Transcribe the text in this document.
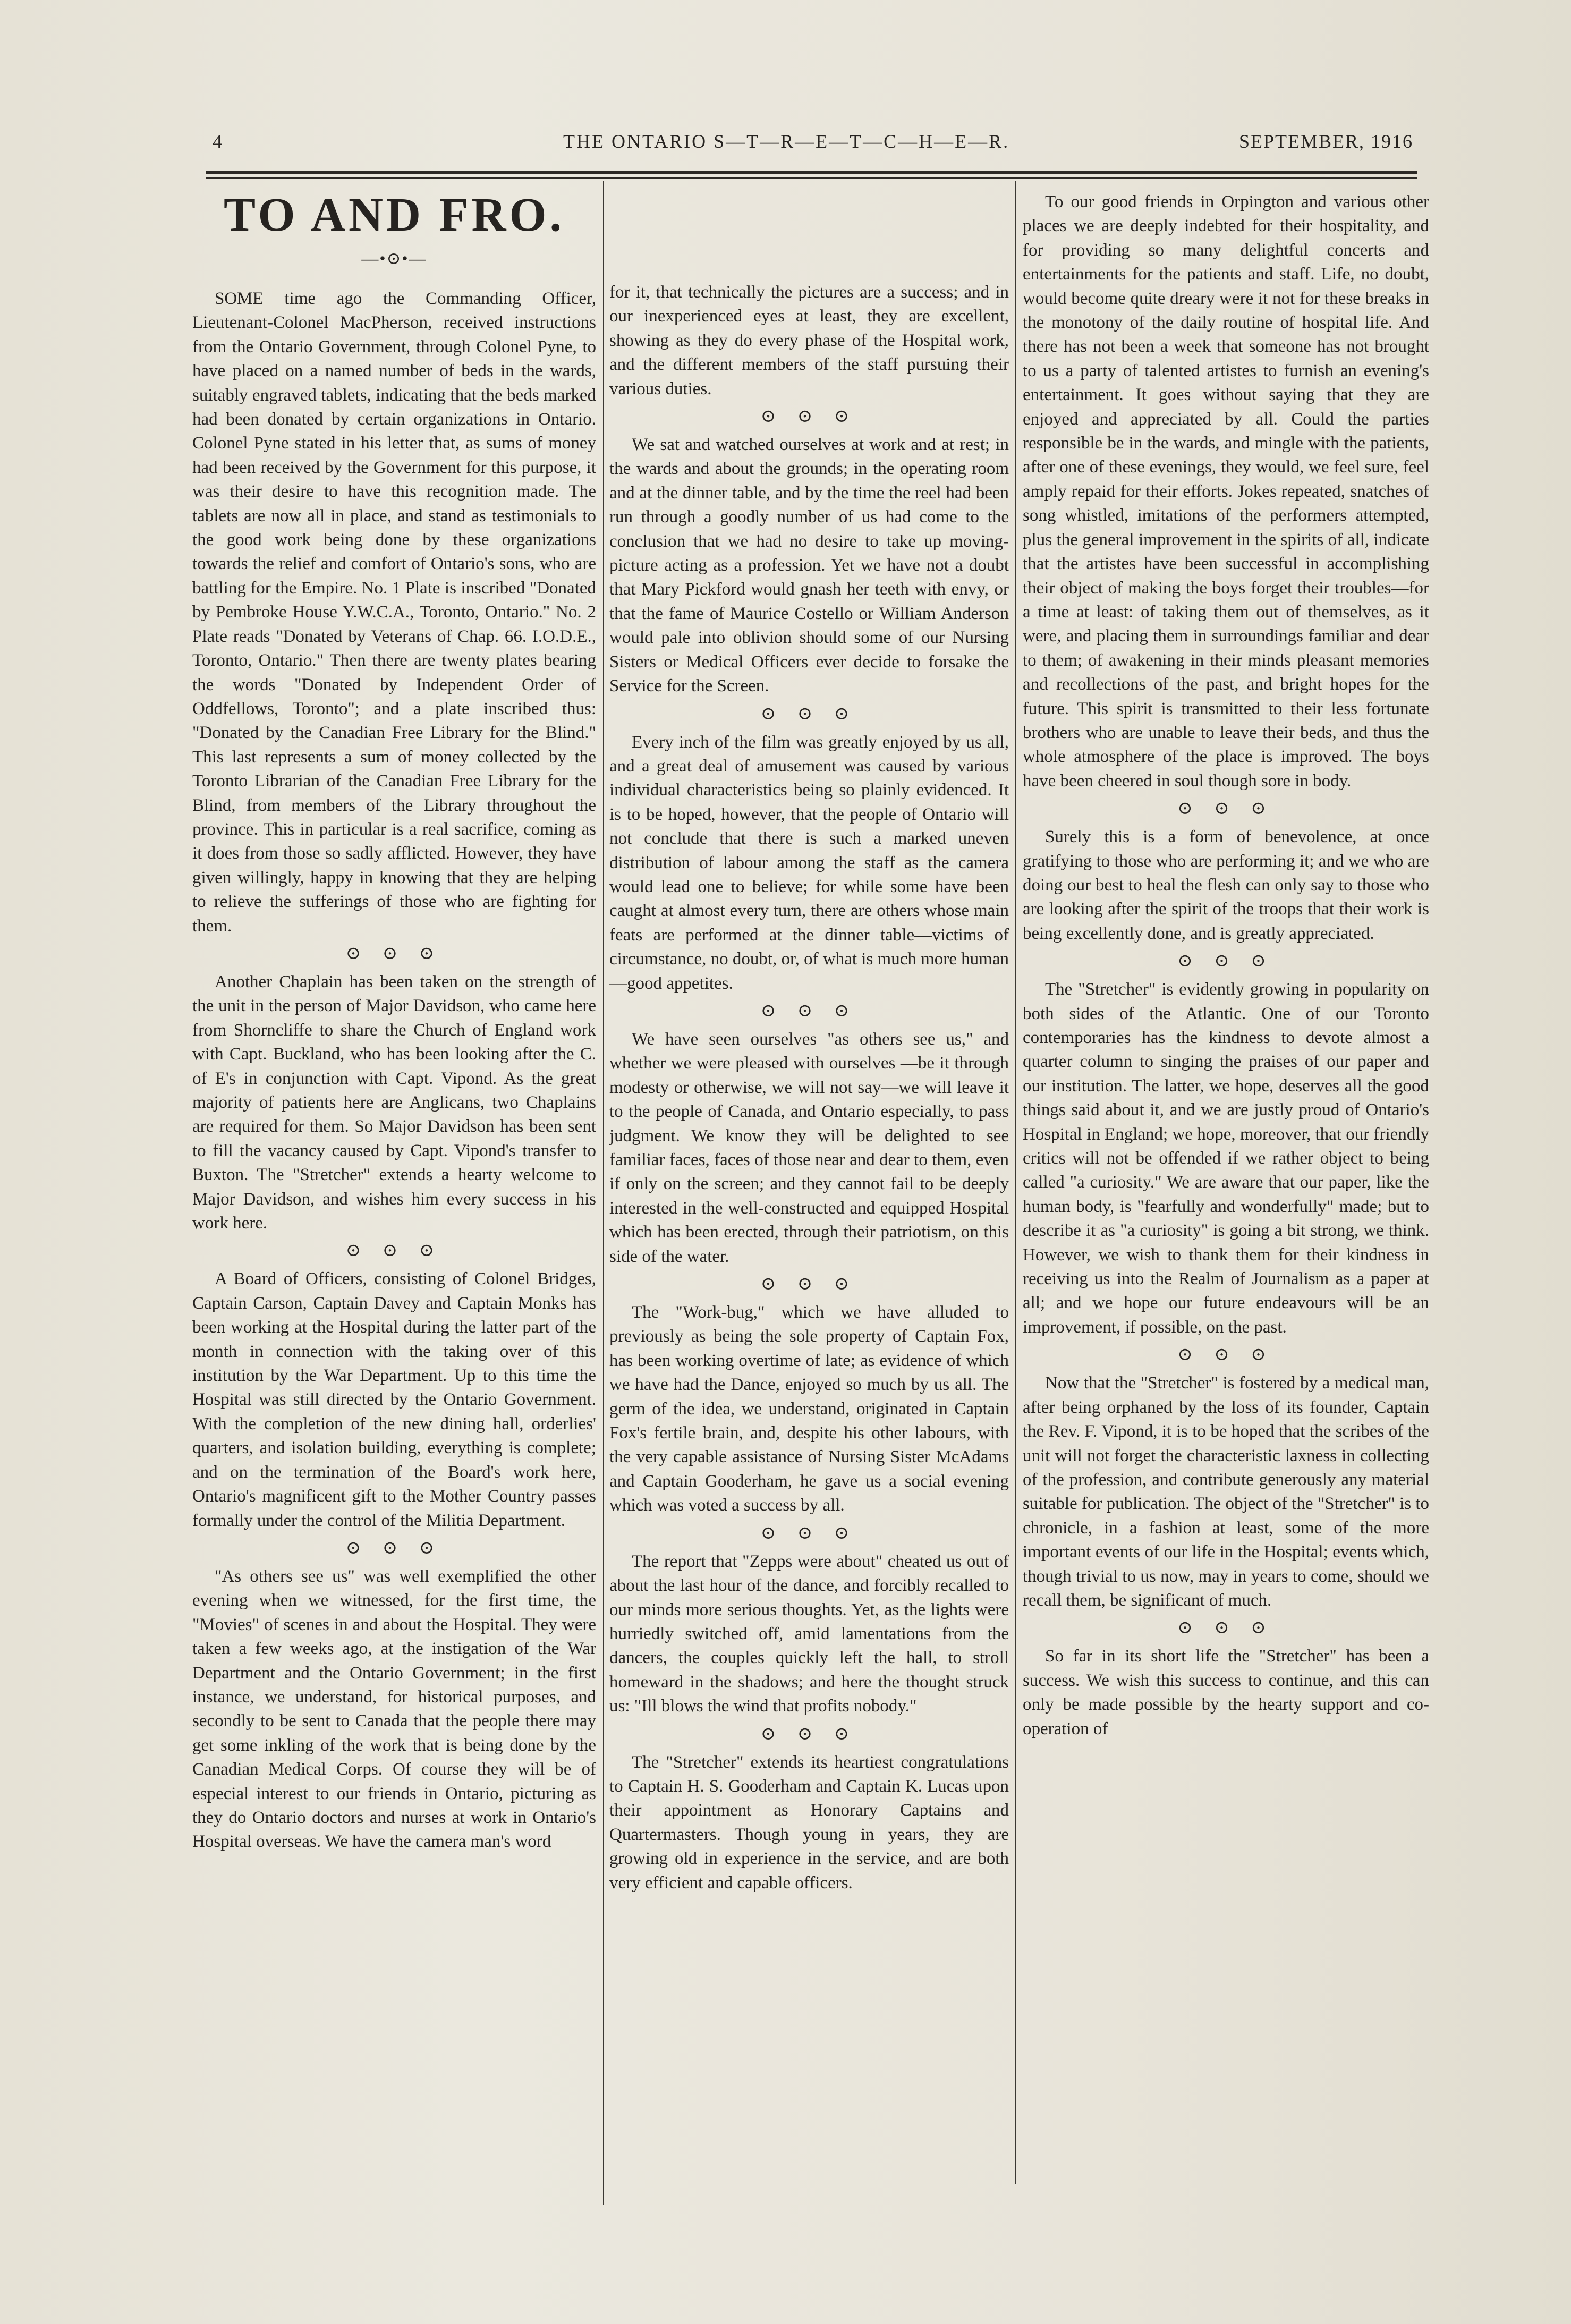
4	THE ONTARIO S—T—R—E—T—C—H—E—R.	SEPTEMBER, 1916
TO AND FRO.
—•⊙•—

SOME time ago the Commanding Officer, Lieutenant-Colonel MacPherson, received instructions from the Ontario Government, through Colonel Pyne, to have placed on a named number of beds in the wards, suitably engraved tablets, indicating that the beds marked had been donated by certain organizations in Ontario. Colonel Pyne stated in his letter that, as sums of money had been received by the Government for this purpose, it was their desire to have this recognition made. The tablets are now all in place, and stand as testimonials to the good work being done by these organizations towards the relief and comfort of Ontario's sons, who are battling for the Empire. No. 1 Plate is inscribed "Donated by Pembroke House Y.W.C.A., Toronto, Ontario." No. 2 Plate reads "Donated by Veterans of Chap. 66. I.O.D.E., Toronto, Ontario." Then there are twenty plates bearing the words "Donated by Independent Order of Oddfellows, Toronto"; and a plate inscribed thus: "Donated by the Canadian Free Library for the Blind." This last represents a sum of money collected by the Toronto Librarian of the Canadian Free Library for the Blind, from members of the Library throughout the province. This in particular is a real sacrifice, coming as it does from those so sadly afflicted. However, they have given willingly, happy in knowing that they are helping to relieve the sufferings of those who are fighting for them.

⊙ ⊙ ⊙

Another Chaplain has been taken on the strength of the unit in the person of Major Davidson, who came here from Shorncliffe to share the Church of England work with Capt. Buckland, who has been looking after the C. of E's in conjunction with Capt. Vipond. As the great majority of patients here are Anglicans, two Chaplains are required for them. So Major Davidson has been sent to fill the vacancy caused by Capt. Vipond's transfer to Buxton. The "Stretcher" extends a hearty welcome to Major Davidson, and wishes him every success in his work here.

⊙ ⊙ ⊙

A Board of Officers, consisting of Colonel Bridges, Captain Carson, Captain Davey and Captain Monks has been working at the Hospital during the latter part of the month in connection with the taking over of this institution by the War Department. Up to this time the Hospital was still directed by the Ontario Government. With the completion of the new dining hall, orderlies' quarters, and isolation building, everything is complete; and on the termination of the Board's work here, Ontario's magnificent gift to the Mother Country passes formally under the control of the Militia Department.

⊙ ⊙ ⊙

"As others see us" was well exemplified the other evening when we witnessed, for the first time, the "Movies" of scenes in and about the Hospital. They were taken a few weeks ago, at the instigation of the War Department and the Ontario Government; in the first instance, we understand, for historical purposes, and secondly to be sent to Canada that the people there may get some inkling of the work that is being done by the Canadian Medical Corps. Of course they will be of especial interest to our friends in Ontario, picturing as they do Ontario doctors and nurses at work in Ontario's Hospital overseas. We have the camera man's word

for it, that technically the pictures are a success; and in our inexperienced eyes at least, they are excellent, showing as they do every phase of the Hospital work, and the different members of the staff pursuing their various duties.

⊙ ⊙ ⊙

We sat and watched ourselves at work and at rest; in the wards and about the grounds; in the operating room and at the dinner table, and by the time the reel had been run through a goodly number of us had come to the conclusion that we had no desire to take up moving-picture acting as a profession. Yet we have not a doubt that Mary Pickford would gnash her teeth with envy, or that the fame of Maurice Costello or William Anderson would pale into oblivion should some of our Nursing Sisters or Medical Officers ever decide to forsake the Service for the Screen.

⊙ ⊙ ⊙

Every inch of the film was greatly enjoyed by us all, and a great deal of amusement was caused by various individual characteristics being so plainly evidenced. It is to be hoped, however, that the people of Ontario will not conclude that there is such a marked uneven distribution of labour among the staff as the camera would lead one to believe; for while some have been caught at almost every turn, there are others whose main feats are performed at the dinner table—victims of circumstance, no doubt, or, of what is much more human—good appetites.

⊙ ⊙ ⊙

We have seen ourselves "as others see us," and whether we were pleased with ourselves —be it through modesty or otherwise, we will not say—we will leave it to the people of Canada, and Ontario especially, to pass judgment. We know they will be delighted to see familiar faces, faces of those near and dear to them, even if only on the screen; and they cannot fail to be deeply interested in the well-constructed and equipped Hospital which has been erected, through their patriotism, on this side of the water.

⊙ ⊙ ⊙

The "Work-bug," which we have alluded to previously as being the sole property of Captain Fox, has been working overtime of late; as evidence of which we have had the Dance, enjoyed so much by us all. The germ of the idea, we understand, originated in Captain Fox's fertile brain, and, despite his other labours, with the very capable assistance of Nursing Sister McAdams and Captain Gooderham, he gave us a social evening which was voted a success by all.

⊙ ⊙ ⊙

The report that "Zepps were about" cheated us out of about the last hour of the dance, and forcibly recalled to our minds more serious thoughts. Yet, as the lights were hurriedly switched off, amid lamentations from the dancers, the couples quickly left the hall, to stroll homeward in the shadows; and here the thought struck us: "Ill blows the wind that profits nobody."

⊙ ⊙ ⊙

The "Stretcher" extends its heartiest congratulations to Captain H. S. Gooderham and Captain K. Lucas upon their appointment as Honorary Captains and Quartermasters. Though young in years, they are growing old in experience in the service, and are both very efficient and capable officers.

To our good friends in Orpington and various other places we are deeply indebted for their hospitality, and for providing so many delightful concerts and entertainments for the patients and staff. Life, no doubt, would become quite dreary were it not for these breaks in the monotony of the daily routine of hospital life. And there has not been a week that someone has not brought to us a party of talented artistes to furnish an evening's entertainment. It goes without saying that they are enjoyed and appreciated by all. Could the parties responsible be in the wards, and mingle with the patients, after one of these evenings, they would, we feel sure, feel amply repaid for their efforts. Jokes repeated, snatches of song whistled, imitations of the performers attempted, plus the general improvement in the spirits of all, indicate that the artistes have been successful in accomplishing their object of making the boys forget their troubles—for a time at least: of taking them out of themselves, as it were, and placing them in surroundings familiar and dear to them; of awakening in their minds pleasant memories and recollections of the past, and bright hopes for the future. This spirit is transmitted to their less fortunate brothers who are unable to leave their beds, and thus the whole atmosphere of the place is improved. The boys have been cheered in soul though sore in body.

⊙ ⊙ ⊙

Surely this is a form of benevolence, at once gratifying to those who are performing it; and we who are doing our best to heal the flesh can only say to those who are looking after the spirit of the troops that their work is being excellently done, and is greatly appreciated.

⊙ ⊙ ⊙

The "Stretcher" is evidently growing in popularity on both sides of the Atlantic. One of our Toronto contemporaries has the kindness to devote almost a quarter column to singing the praises of our paper and our institution. The latter, we hope, deserves all the good things said about it, and we are justly proud of Ontario's Hospital in England; we hope, moreover, that our friendly critics will not be offended if we rather object to being called "a curiosity." We are aware that our paper, like the human body, is "fearfully and wonderfully" made; but to describe it as "a curiosity" is going a bit strong, we think. However, we wish to thank them for their kindness in receiving us into the Realm of Journalism as a paper at all; and we hope our future endeavours will be an improvement, if possible, on the past.

⊙ ⊙ ⊙

Now that the "Stretcher" is fostered by a medical man, after being orphaned by the loss of its founder, Captain the Rev. F. Vipond, it is to be hoped that the scribes of the unit will not forget the characteristic laxness in collecting of the profession, and contribute generously any material suitable for publication. The object of the "Stretcher" is to chronicle, in a fashion at least, some of the more important events of our life in the Hospital; events which, though trivial to us now, may in years to come, should we recall them, be significant of much.

⊙ ⊙ ⊙

So far in its short life the "Stretcher" has been a success. We wish this success to continue, and this can only be made possible by the hearty support and co-operation of
